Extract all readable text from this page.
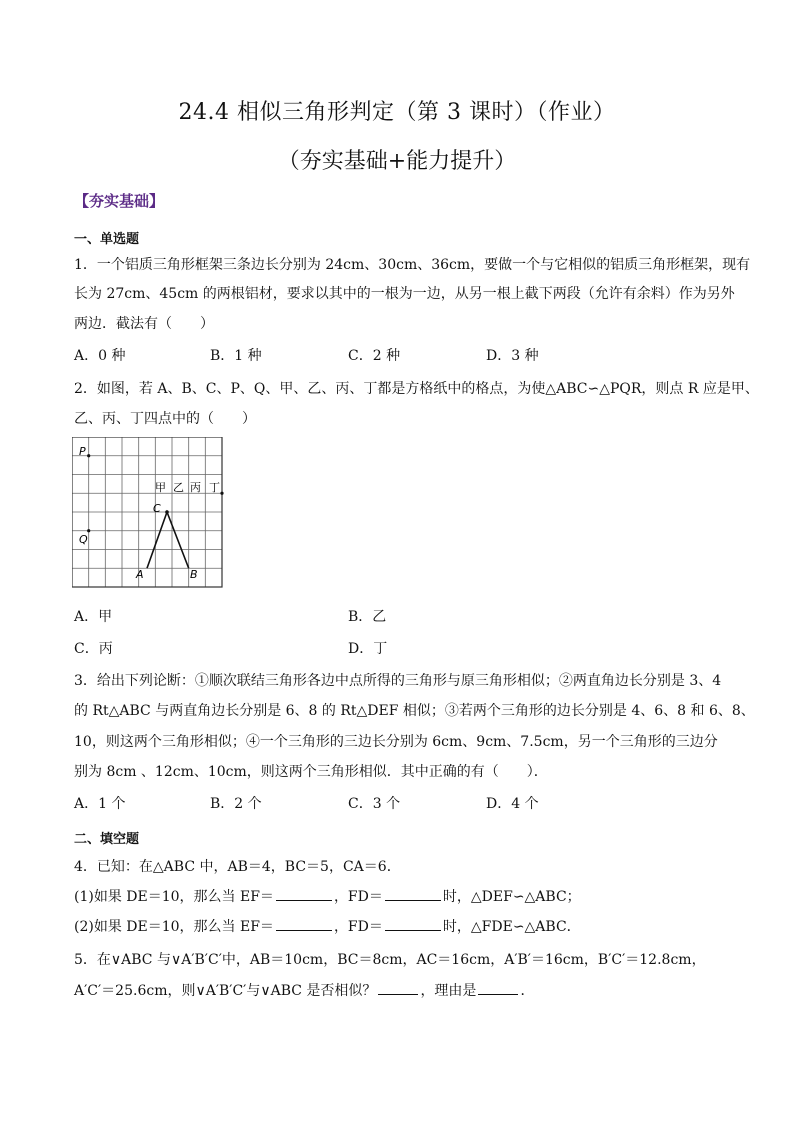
24.4 相似三角形判定（第 3 课时）（作业）
（夯实基础+能力提升）
【夯实基础】
一、单选题
1．一个铝质三角形框架三条边长分别为 24cm、30cm、36cm，要做一个与它相似的铝质三角形框架，现有
长为 27cm、45cm 的两根铝材，要求以其中的一根为一边，从另一根上截下两段（允许有余料）作为另外
两边．截法有（　　）
A．0 种	B．1 种	C．2 种	D．3 种
2．如图，若 A、B、C、P、Q、甲、乙、丙、丁都是方格纸中的格点，为使△ABC∽△PQR，则点 R 应是甲、
乙、丙、丁四点中的（　　）
P
Q
A	B
C
甲 乙 丙 丁
A．甲	B．乙
C．丙	D．丁
3．给出下列论断：①顺次联结三角形各边中点所得的三角形与原三角形相似；②两直角边长分别是 3、4
的 Rt△ABC 与两直角边长分别是 6、8 的 Rt△DEF 相似；③若两个三角形的边长分别是 4、6、8 和 6、8、
10，则这两个三角形相似；④一个三角形的三边长分别为 6cm、9cm、7.5cm，另一个三角形的三边分
别为 8cm 、12cm、10cm，则这两个三角形相似．其中正确的有（　　）．
A．1 个	B．2 个	C．3 个	D．4 个
二、填空题
4．已知：在△ABC 中，AB＝4，BC＝5，CA＝6．
(1)如果 DE＝10，那么当 EF＝	，FD＝	时，△DEF∽△ABC；
(2)如果 DE＝10，那么当 EF＝	，FD＝	时，△FDE∽△ABC．
5．在∨ABC 与∨A′B′C′中，AB＝10cm，BC＝8cm，AC＝16cm，A′B′＝16cm，B′C′＝12.8cm，
A′C′＝25.6cm，则∨A′B′C′与∨ABC 是否相似？	，理由是	．
